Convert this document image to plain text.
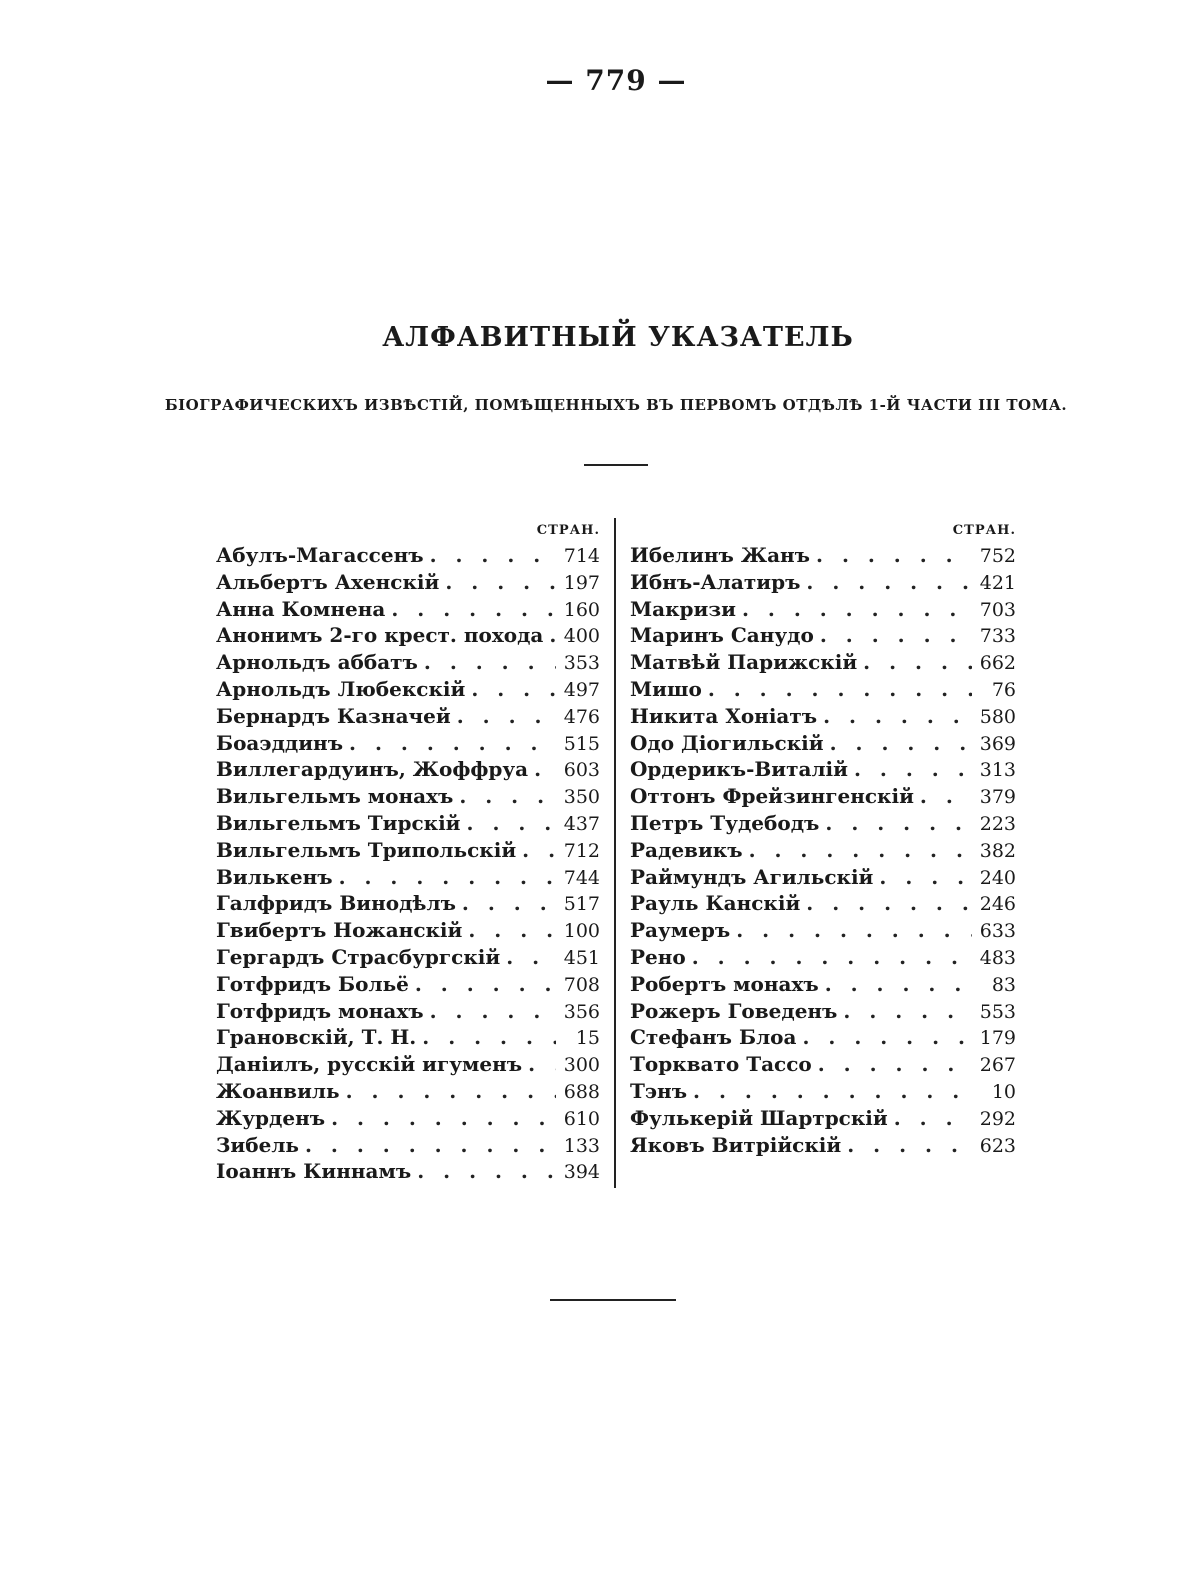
— 779 —
АЛФАВИТНЫЙ УКАЗАТЕЛЬ
БІОГРАФИЧЕСКИХЪ ИЗВѢСТІЙ, ПОМѢЩЕННЫХЪ ВЪ ПЕРВОМЪ ОТДѢЛѢ 1-Й ЧАСТИ III ТОМА.
СТРАН.
Абулъ-Магассенъ . . .	714
Альбертъ Ахенскій . . .	197
Анна Комнена . . .	160
Анонимъ 2-го крест. похода . . .	400
Арнольдъ аббатъ . . .	353
Арнольдъ Любекскій . . .	497
Бернардъ Казначей . . .	476
Боаэддинъ . . .	515
Виллегардуинъ, Жоффруа . . .	603
Вильгельмъ монахъ . . .	350
Вильгельмъ Тирскій . . .	437
Вильгельмъ Трипольскій . . .	712
Вилькенъ . . .	744
Галфридъ Винодѣлъ . . .	517
Гвибертъ Ножанскій . . .	100
Гергардъ Страсбургскій . . .	451
Готфридъ Больё . . .	708
Готфридъ монахъ . . .	356
Грановскій, Т. Н. . . .	15
Даніилъ, русскій игуменъ . . .	300
Жоанвиль . . .	688
Журденъ . . .	610
Зибель . . .	133
Іоаннъ Киннамъ . . .	394
СТРАН.
Ибелинъ Жанъ . . .	752
Ибнъ-Алатиръ . . .	421
Макризи . . .	703
Маринъ Санудо . . .	733
Матвѣй Парижскій . . .	662
Мишо . . .	76
Никита Хоніатъ . . .	580
Одо Діогильскій . . .	369
Ордерикъ-Виталій . . .	313
Оттонъ Фрейзингенскій . . .	379
Петръ Тудебодъ . . .	223
Радевикъ . . .	382
Раймундъ Агильскій . . .	240
Рауль Канскій . . .	246
Раумеръ . . .	633
Рено . . .	483
Робертъ монахъ . . .	83
Рожеръ Говеденъ . . .	553
Стефанъ Блоа . . .	179
Торквато Тассо . . .	267
Тэнъ . . .	10
Фулькерій Шартрскій . . .	292
Яковъ Витрійскій . . .	623
